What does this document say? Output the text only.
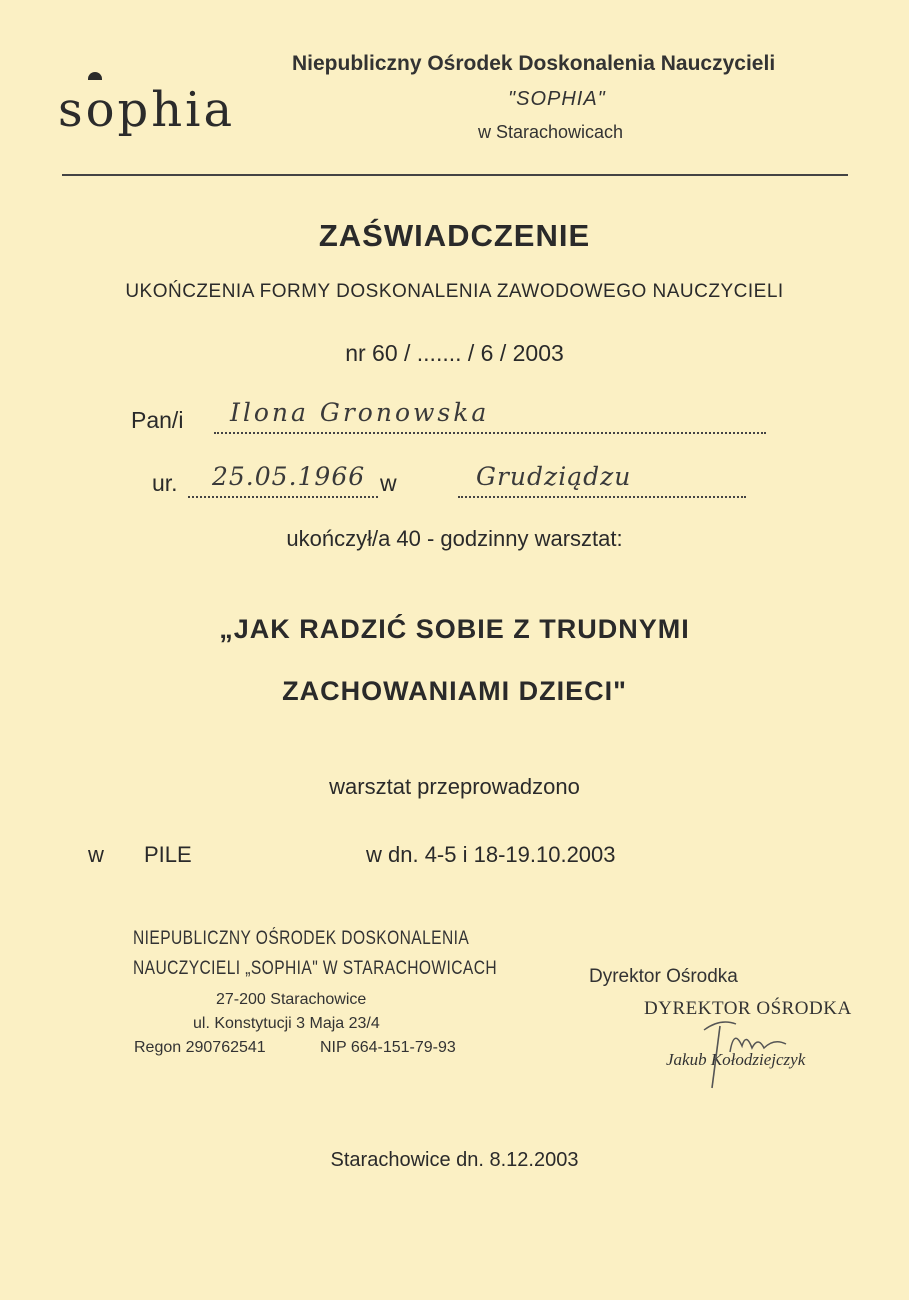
sophia
Niepubliczny Ośrodek Doskonalenia Nauczycieli
"SOPHIA"
w Starachowicach
ZAŚWIADCZENIE
UKOŃCZENIA FORMY DOSKONALENIA ZAWODOWEGO NAUCZYCIELI
nr 60 / ....... / 6 / 2003
Pan/i Ilona Gronowska
ur. 25.05.1966 w	Grudziądzu
ukończył/a 40 - godzinny warsztat:
„JAK RADZIĆ SOBIE Z TRUDNYMI
ZACHOWANIAMI DZIECI"
warsztat przeprowadzono
w PILE	w dn. 4-5 i 18-19.10.2003
NIEPUBLICZNY OŚRODEK DOSKONALENIA
NAUCZYCIELI „SOPHIA" W STARACHOWICACH
27-200 Starachowice
ul. Konstytucji 3 Maja 23/4
Regon 290762541	NIP 664-151-79-93
Dyrektor Ośrodka
DYREKTOR OŚRODKA
Jakub Kołodziejczyk
Starachowice dn. 8.12.2003
